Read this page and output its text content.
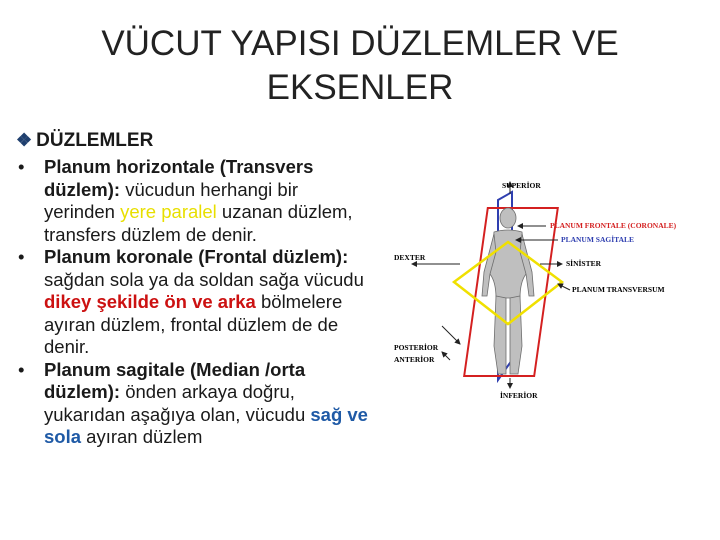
VÜCUT YAPISI DÜZLEMLER VE
EKSENLER
❖ DÜZLEMLER
• Planum horizontale (Transvers düzlem): vücudun herhangi bir yerinden yere paralel uzanan düzlem, transfers düzlem de denir.
• Planum koronale (Frontal düzlem): sağdan sola ya da soldan sağa vücudu dikey şekilde ön ve arka bölmelere ayıran düzlem, frontal düzlem de de denir.
• Planum sagitale (Median /orta düzlem): önden arkaya doğru, yukarıdan aşağıya olan, vücudu sağ ve sola ayıran düzlem
SUPERİOR
PLANUM FRONTALE (CORONALE)
PLANUM SAGİTALE
DEXTER
SİNİSTER
PLANUM TRANSVERSUM
POSTERİOR
ANTERİOR
İNFERİOR
